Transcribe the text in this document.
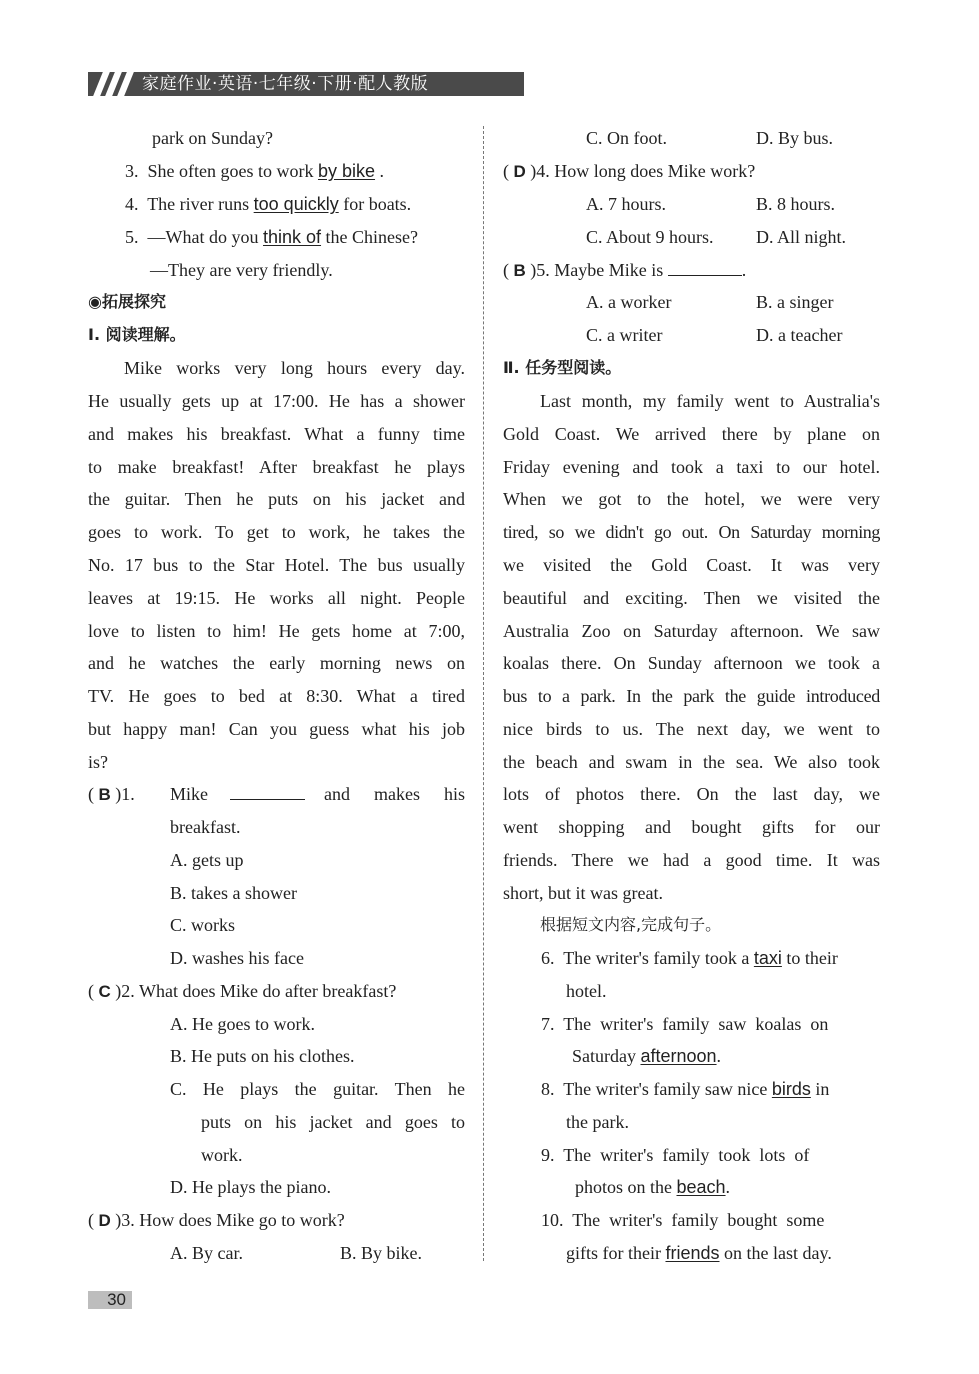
家庭作业·英语·七年级·下册·配人教版
park on Sunday?
3. She often goes to work by bike .
4. The river runs too quickly for boats.
5. —What do you think of the Chinese?
—They are very friendly.
◉拓展探究
Ⅰ. 阅读理解。
Mike works very long hours every day.
He usually gets up at 17:00. He has a shower
and makes his breakfast. What a funny time
to make breakfast! After breakfast he plays
the guitar. Then he puts on his jacket and
goes to work. To get to work, he takes the
No. 17 bus to the Star Hotel. The bus usually
leaves at 19:15. He works all night. People
love to listen to him! He gets home at 7:00,
and he watches the early morning news on
TV. He goes to bed at 8:30. What a tired
but happy man! Can you guess what his job
is?
( B )1. Mike	and makes his
breakfast.
A. gets up
B. takes a shower
C. works
D. washes his face
( C )2. What does Mike do after breakfast?
A. He goes to work.
B. He puts on his clothes.
C. He plays the guitar. Then he
puts on his jacket and goes to
work.
D. He plays the piano.
( D )3. How does Mike go to work?
A. By car.	B. By bike.
C. On foot.	D. By bus.
( D )4. How long does Mike work?
A. 7 hours.	B. 8 hours.
C. About 9 hours. D. All night.
( B )5. Maybe Mike is	.
A. a worker	B. a singer
C. a writer	D. a teacher
Ⅱ. 任务型阅读。
Last month, my family went to Australia's
Gold Coast. We arrived there by plane on
Friday evening and took a taxi to our hotel.
When we got to the hotel, we were very
tired, so we didn't go out. On Saturday morning
we visited the Gold Coast. It was very
beautiful and exciting. Then we visited the
Australia Zoo on Saturday afternoon. We saw
koalas there. On Sunday afternoon we took a
bus to a park. In the park the guide introduced
nice birds to us. The next day, we went to
the beach and swam in the sea. We also took
lots of photos there. On the last day, we
went shopping and bought gifts for our
friends. There we had a good time. It was
short, but it was great.
根据短文内容,完成句子。
6. The writer's family took a taxi to their
hotel.
7. The  writer's  family  saw  koalas  on
Saturday afternoon.
8. The writer's family saw nice birds in
the park.
9. The  writer's  family  took  lots  of
photos on the beach.
10. The  writer's  family  bought  some
gifts for their friends on the last day.
30
